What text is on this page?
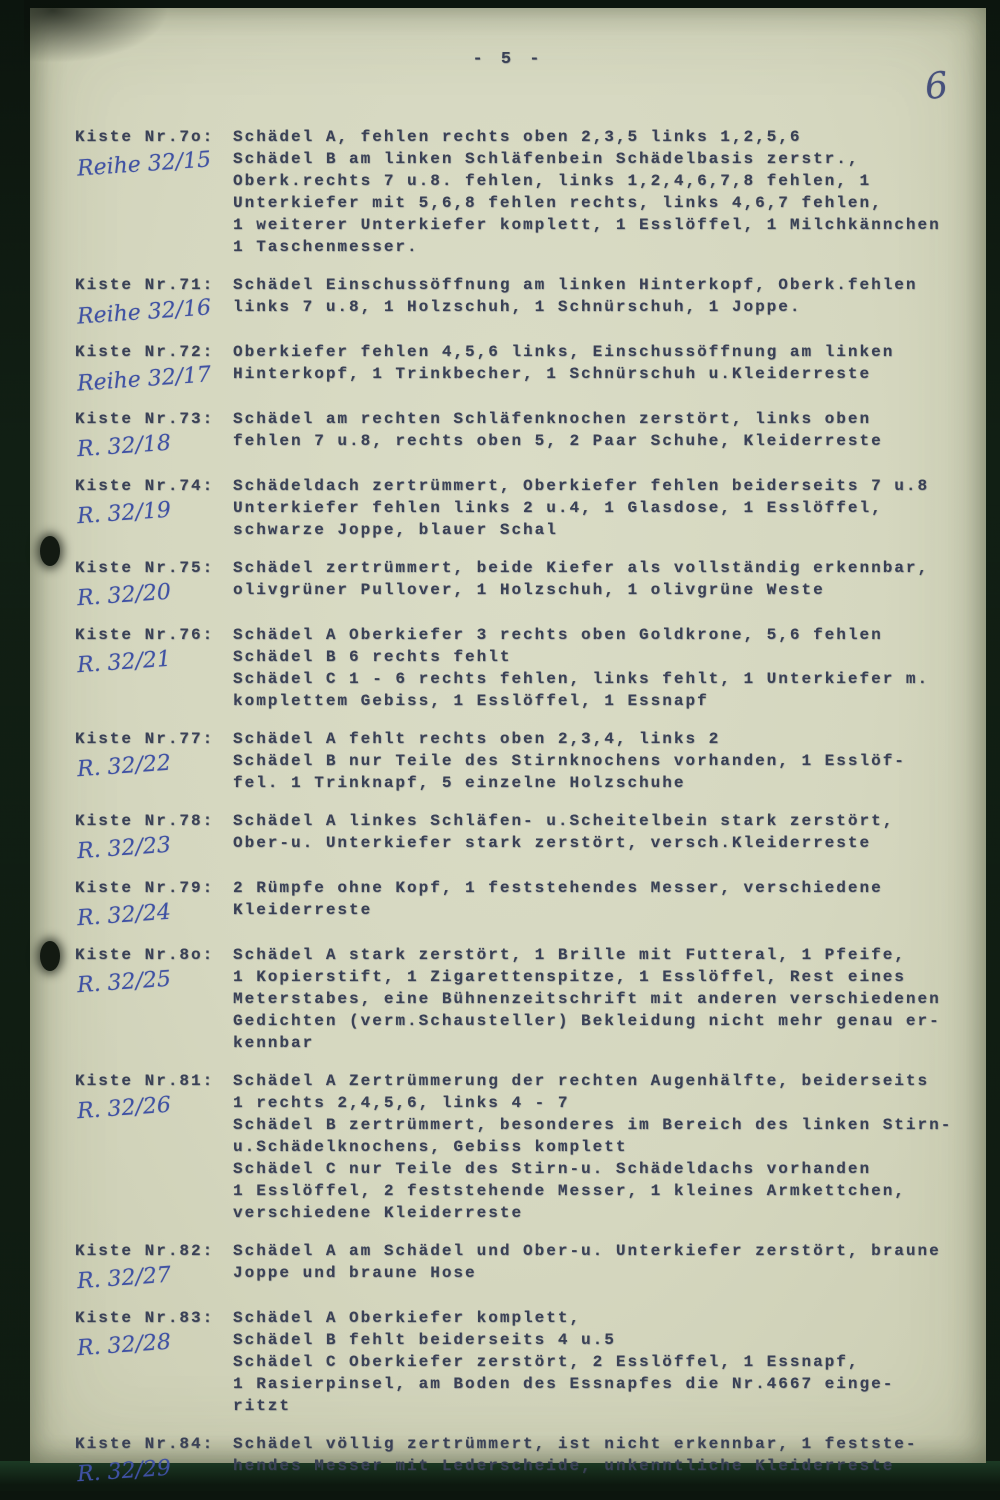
- 5 -
6
Kiste Nr.7o:
Reihe 32/15
Schädel A, fehlen rechts oben 2,3,5 links 1,2,5,6
Schädel B am linken Schläfenbein Schädelbasis zerstr.,
Oberk.rechts 7 u.8. fehlen, links 1,2,4,6,7,8 fehlen, 1
Unterkiefer mit 5,6,8 fehlen rechts, links 4,6,7 fehlen,
1 weiterer Unterkiefer komplett, 1 Esslöffel, 1 Milchkännchen
1 Taschenmesser.
Kiste Nr.71:
Reihe 32/16
Schädel Einschussöffnung am linken Hinterkopf, Oberk.fehlen
links 7 u.8, 1 Holzschuh, 1 Schnürschuh, 1 Joppe.
Kiste Nr.72:
Reihe 32/17
Oberkiefer fehlen 4,5,6 links, Einschussöffnung am linken
Hinterkopf, 1 Trinkbecher, 1 Schnürschuh u.Kleiderreste
Kiste Nr.73:
R. 32/18
Schädel am rechten Schläfenknochen zerstört, links oben
fehlen 7 u.8, rechts oben 5, 2 Paar Schuhe, Kleiderreste
Kiste Nr.74:
R. 32/19
Schädeldach zertrümmert, Oberkiefer fehlen beiderseits 7 u.8
Unterkiefer fehlen links 2 u.4, 1 Glasdose, 1 Esslöffel,
schwarze Joppe, blauer Schal
Kiste Nr.75:
R. 32/20
Schädel zertrümmert, beide Kiefer als vollständig erkennbar,
olivgrüner Pullover, 1 Holzschuh, 1 olivgrüne Weste
Kiste Nr.76:
R. 32/21
Schädel A Oberkiefer 3 rechts oben Goldkrone, 5,6 fehlen
Schädel B 6 rechts fehlt
Schädel C 1 - 6 rechts fehlen, links fehlt, 1 Unterkiefer m.
komplettem Gebiss, 1 Esslöffel, 1 Essnapf
Kiste Nr.77:
R. 32/22
Schädel A fehlt rechts oben 2,3,4, links 2
Schädel B nur Teile des Stirnknochens vorhanden, 1 Esslöf-
fel. 1 Trinknapf, 5 einzelne Holzschuhe
Kiste Nr.78:
R. 32/23
Schädel A linkes Schläfen- u.Scheitelbein stark zerstört,
Ober-u. Unterkiefer stark zerstört, versch.Kleiderreste
Kiste Nr.79:
R. 32/24
2 Rümpfe ohne Kopf, 1 feststehendes Messer, verschiedene
Kleiderreste
Kiste Nr.8o:
R. 32/25
Schädel A stark zerstört, 1 Brille mit Futteral, 1 Pfeife,
1 Kopierstift, 1 Zigarettenspitze, 1 Esslöffel, Rest eines
Meterstabes, eine Bühnenzeitschrift mit anderen verschiedenen
Gedichten (verm.Schausteller) Bekleidung nicht mehr genau er-
kennbar
Kiste Nr.81:
R. 32/26
Schädel A Zertrümmerung der rechten Augenhälfte, beiderseits
1 rechts 2,4,5,6, links 4 - 7
Schädel B zertrümmert, besonderes im Bereich des linken Stirn-
u.Schädelknochens, Gebiss komplett
Schädel C nur Teile des Stirn-u. Schädeldachs vorhanden
1 Esslöffel, 2 feststehende Messer, 1 kleines Armkettchen,
verschiedene Kleiderreste
Kiste Nr.82:
R. 32/27
Schädel A am Schädel und Ober-u. Unterkiefer zerstört, braune
Joppe und braune Hose
Kiste Nr.83:
R. 32/28
Schädel A Oberkiefer komplett,
Schädel B fehlt beiderseits 4 u.5
Schädel C Oberkiefer zerstört, 2 Esslöffel, 1 Essnapf,
1 Rasierpinsel, am Boden des Essnapfes die Nr.4667 einge-
ritzt
Kiste Nr.84:
R. 32/29
Schädel völlig zertrümmert, ist nicht erkennbar, 1 festste-
hendes Messer mit Lederscheide, unkenntliche Kleiderreste
